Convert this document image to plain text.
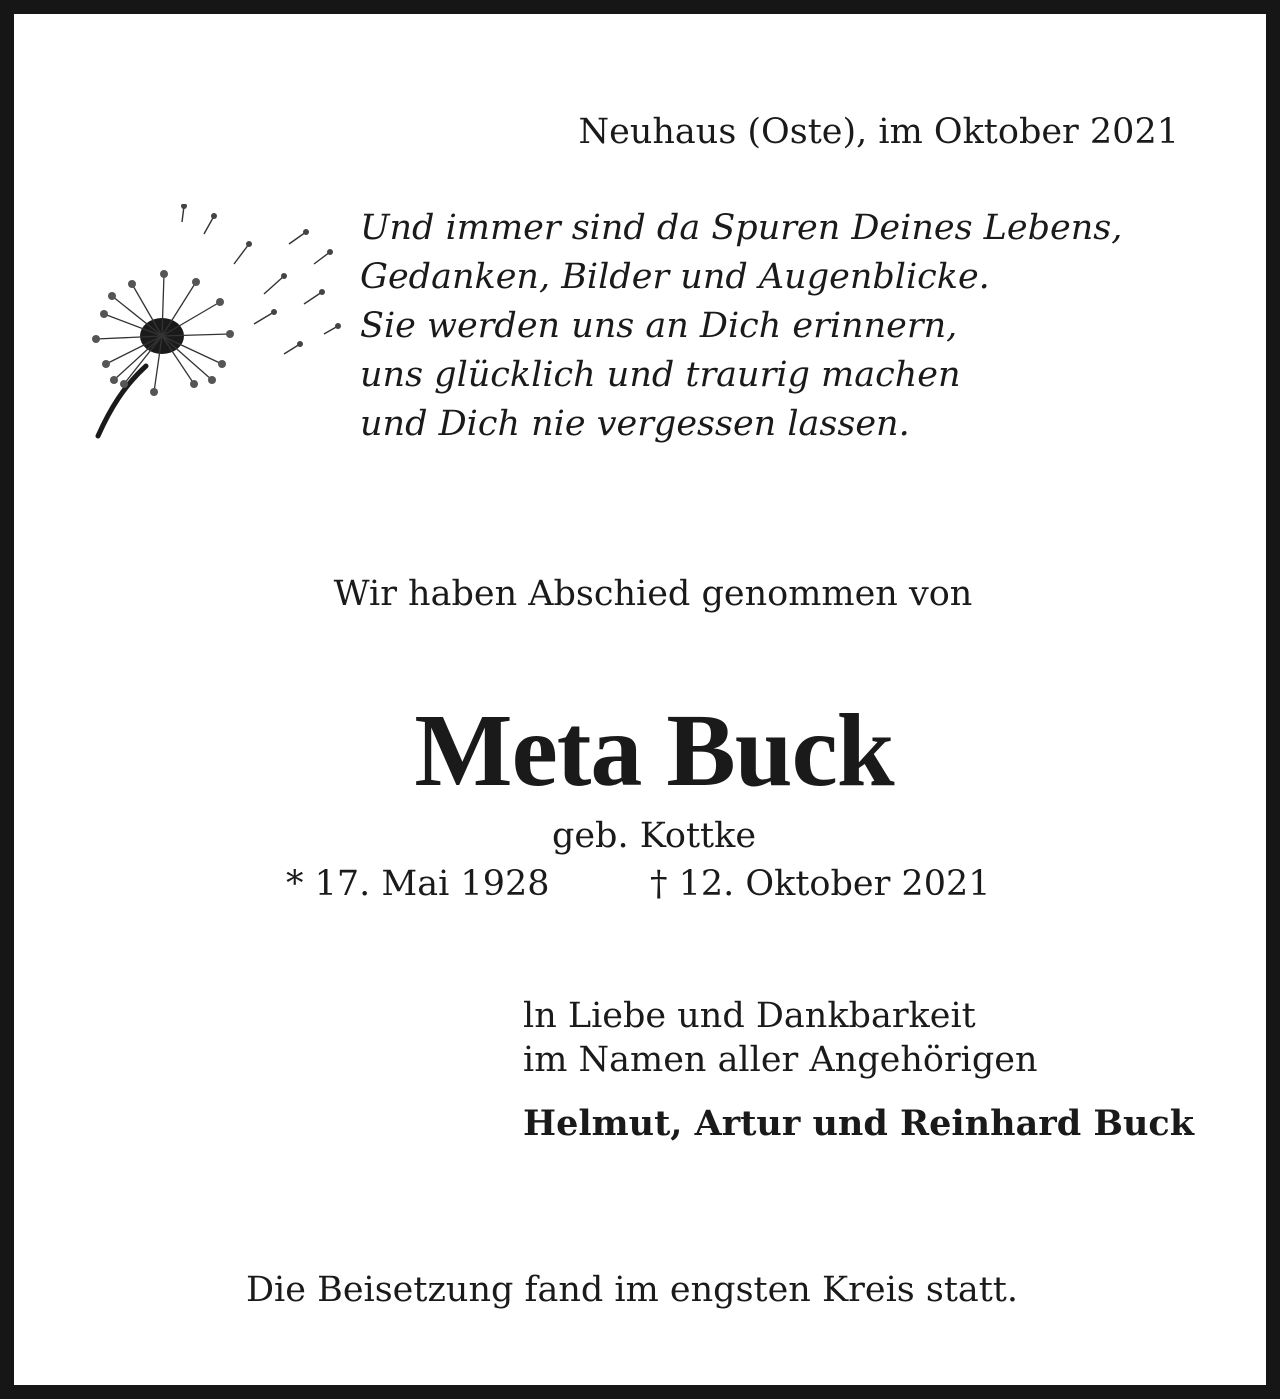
Neuhaus (Oste), im Oktober 2021
Und immer sind da Spuren Deines Lebens,
Gedanken, Bilder und Augenblicke.
Sie werden uns an Dich erinnern,
uns glücklich und traurig machen
und Dich nie vergessen lassen.
Wir haben Abschied genommen von
Meta Buck
geb. Kottke
* 17. Mai 1928	† 12. Oktober 2021
ln Liebe und Dankbarkeit
im Namen aller Angehörigen
Helmut, Artur und Reinhard Buck
Die Beisetzung fand im engsten Kreis statt.
